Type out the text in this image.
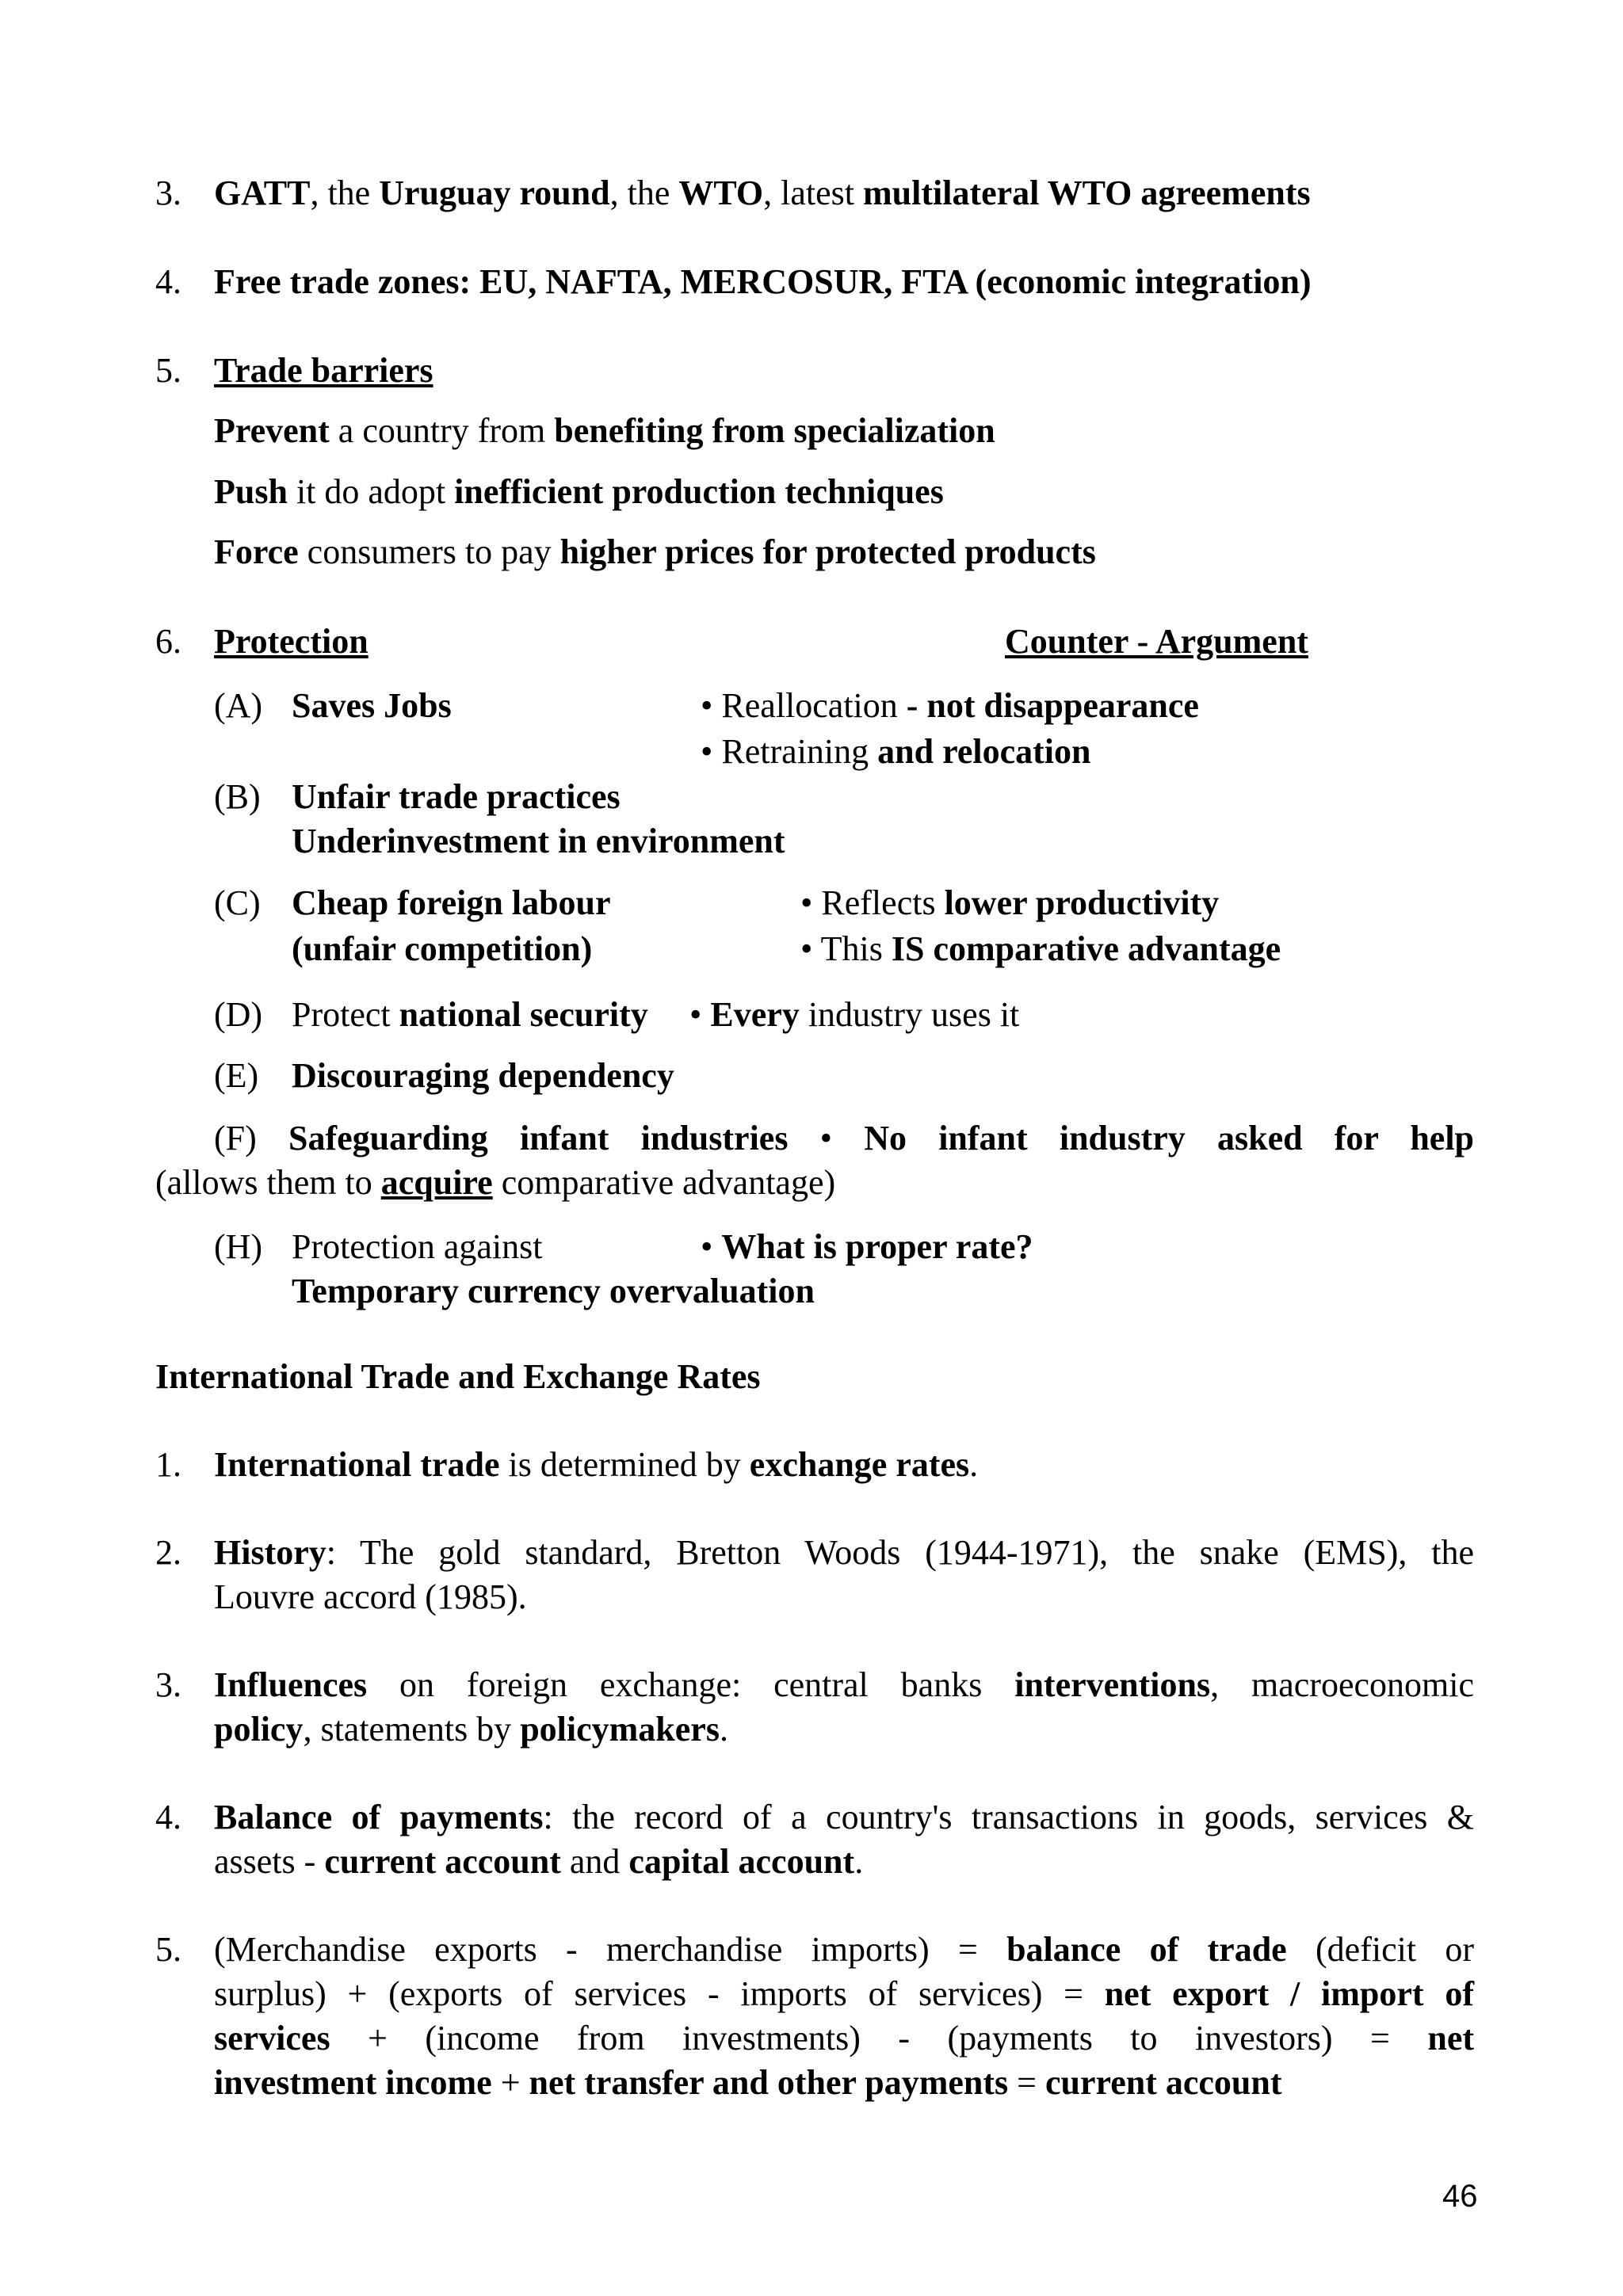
3. GATT, the Uruguay round, the WTO, latest multilateral WTO agreements
4. Free trade zones: EU, NAFTA, MERCOSUR, FTA (economic integration)
5. Trade barriers
Prevent a country from benefiting from specialization
Push it do adopt inefficient production techniques
Force consumers to pay higher prices for protected products
6. Protection	Counter - Argument
(A) Saves Jobs	• Reallocation - not disappearance
• Retraining and relocation
(B) Unfair trade practices
Underinvestment in environment
(C) Cheap foreign labour
(unfair competition)
• Reflects lower productivity
• This IS comparative advantage
(D) Protect national security • Every industry uses it
(E) Discouraging dependency
(F) Safeguarding infant industries • No infant industry asked for help
(allows them to acquire comparative advantage)
(H) Protection against
Temporary currency overvaluation
• What is proper rate?
International Trade and Exchange Rates
1. International trade is determined by exchange rates.
2. History: The gold standard, Bretton Woods (1944-1971), the snake (EMS), the
Louvre accord (1985).
3. Influences on foreign exchange: central banks interventions, macroeconomic
policy, statements by policymakers.
4. Balance of payments: the record of a country's transactions in goods, services &
assets - current account and capital account.
5. (Merchandise exports - merchandise imports) = balance of trade (deficit or
surplus) + (exports of services - imports of services) = net export / import of
services + (income from investments) - (payments to investors) = net
investment income + net transfer and other payments = current account
46
